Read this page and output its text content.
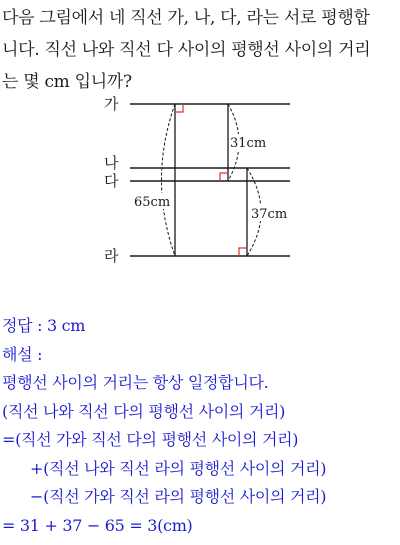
다음 그림에서 네 직선 가, 나, 다, 라는 서로 평행합
니다. 직선 나와 직선 다 사이의 평행선 사이의 거리
는 몇 cm 입니까?
가
나
다
라
65cm
31cm
37cm
정답 : 3 cm
해설 :
평행선 사이의 거리는 항상 일정합니다.
(직선 나와 직선 다의 평행선 사이의 거리)
=(직선 가와 직선 다의 평행선 사이의 거리)
+(직선 나와 직선 라의 평행선 사이의 거리)
−(직선 가와 직선 라의 평행선 사이의 거리)
= 31 + 37 − 65 = 3(cm)
